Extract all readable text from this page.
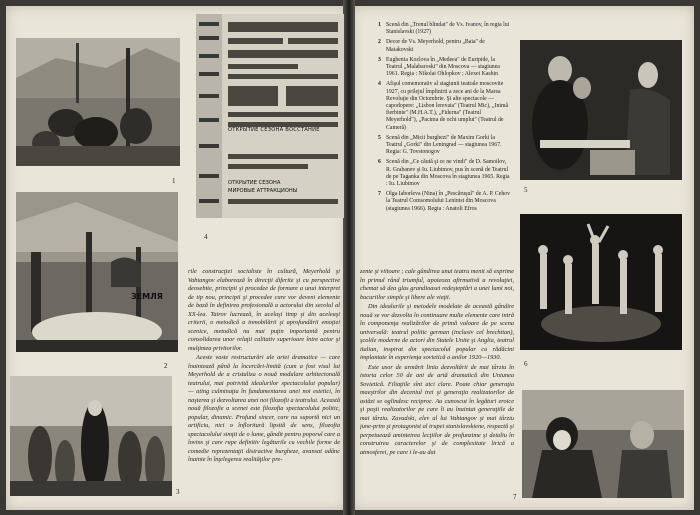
1
ОТКРЫТИЕ СЕЗОНА ВОССТАНИЕ
ОТКРЫТИЕ СЕЗОНА
МИРОВЫЕ АТТРАКЦИОНЫ
4
ЗЕМЛЯ
2
3

rile construcţiei socialiste în cultură, Meyerhold şi Vahtangov elaborează în direcţii diferite şi cu perspective deosebite, principii şi procedee de formare a unui interpret de tip nou, principii şi procedee care vor deveni elemente de bază în definirea profesională a actorului din secolul al XX-lea. Tairov lucrează, în acelaşi timp şi din aceleaşi criterii, o metodică a inmobilării şi aprofundării emoţiei scenice, metodică nu mai puţin importantă pentru consolidarea unor relaţii calitativ superioare între actor şi mulţimea privitorilor.

Aceste vaste restructurări ale artei dramatice — care înaintează până la încercări-limită (cum a fost visul lui Meyerhold de a cristaliza o nouă modulare arhitectonală teatrului, mai potrivită idealurilor spectacolului popular) — ating culminaţia în fundamentarea unei noi estetici, în naşterea şi dezvoltarea unei noi filozofii a teatrului. Această nouă filozofie a scenei este filozofia spectacolului politic, popular, dinamic. Profund sincer, care nu suportă nici un artificiu, nici o înfloritură lipsită de sens, filozofia spectacolului simţit de o lume, gândit pentru poporul care a învins şi care rupe definitiv legăturile cu vechile forme de comedie reprezentaţii distractive burgheze, avansat adânc înainte în înţelegerea realităţilor pre-

1 Scenă din „Trenul blindat" de Vs. Ivanov, în regia lui Stanislavski (1927)
2 Decor de Vs. Meyerhold, pentru „Baia" de Maiakovski
3 Eughenia Kozlova în „Medeea" de Euripide, la Teatrul „Malabaroski" din Moscova — stagiunea 1961. Regia : Nikolai Ohlopkov ; Alexei Kashin
4 Afişul comemorativ al stagiunii teatrale moscovite 1927, cu prilejul împlinirii a zece ani de la Marea Revoluţie din Octombrie. Şi alte spectacole — capodopere: „Lisbon lerevaia" (Teatrul Mic), „Inimă fierbinte" (M.H.A.T.), „Fiderna" (Teatrul Meyerhold"), „Pacima de ochi umplut" (Teatrul de Cameră)
5 Scenă din „Micii burghezi" de Maxim Gorki la Teatrul „Gorki" din Leningrad — stagiunea 1967. Regia: G. Tovstonogov
6 Scenă din „Ce căută şi ce ne vindi" de D. Samoilov, R. Grabanev şi Iu. Liubimov, pus în scenă de Teatrul de pe Taganka din Moscova în stagiunea 1965. Regia : Iu. Liubimov
7 Olga Iaborleva (Nina) în „Pescăruşul" de A. P. Cehov la Teatrul Comsomolului Leninist din Moscova (stagiunea 1966). Regia : Anatoli Efros
5
6
7

zente şi viitoare ; cale gândirea unui teatru menit să exprime în primul rând triumful, apoteoza afirmativă a revoluţiei, chemat să dea glas grandioasei redeşteptări a unei lumi noi, bucuriilor simple şi libere ale vieţii.

Din idealurile şi metodele modelate de această gândire nouă se vor dezvolta în continuare multe elemente care intră în componenţa realizărilor de primă valoare de pe scena universală: teatrul politic german (inclusiv cel brechtian), şcolile moderne de actori din Statele Unite şi Anglia, teatrul italian, inspirat din spectacolul popular cu rădăcini implantate în experienţa sovietică a anilor 1920—1930.

Este usor de urmărit linia dezvoltării de mai târziu în istoria celor 50 de ani de artă dramatică din Uniunea Sovietică. Filiaţiile sînt aici clare. Poate chiar generaţia maeştrilor din deceniul trei şi generaţia realizatorilor de astăzi se oglindesc reciproc. Au cunoscut în legături eroice şi paşii realizatorilor pe care îi au înaintat generaţiile de mai târziu. Zavadski, elev al lui Vahtangov şi mai târziu june-prim şi protagonist al trupei stanislavskiene, respectă şi perpetuează aminteirea lecţiilor de profunzime şi detaliu în construirea caracterelor şi de complexitate lirică a atmosferei, pe care i le-au dat
